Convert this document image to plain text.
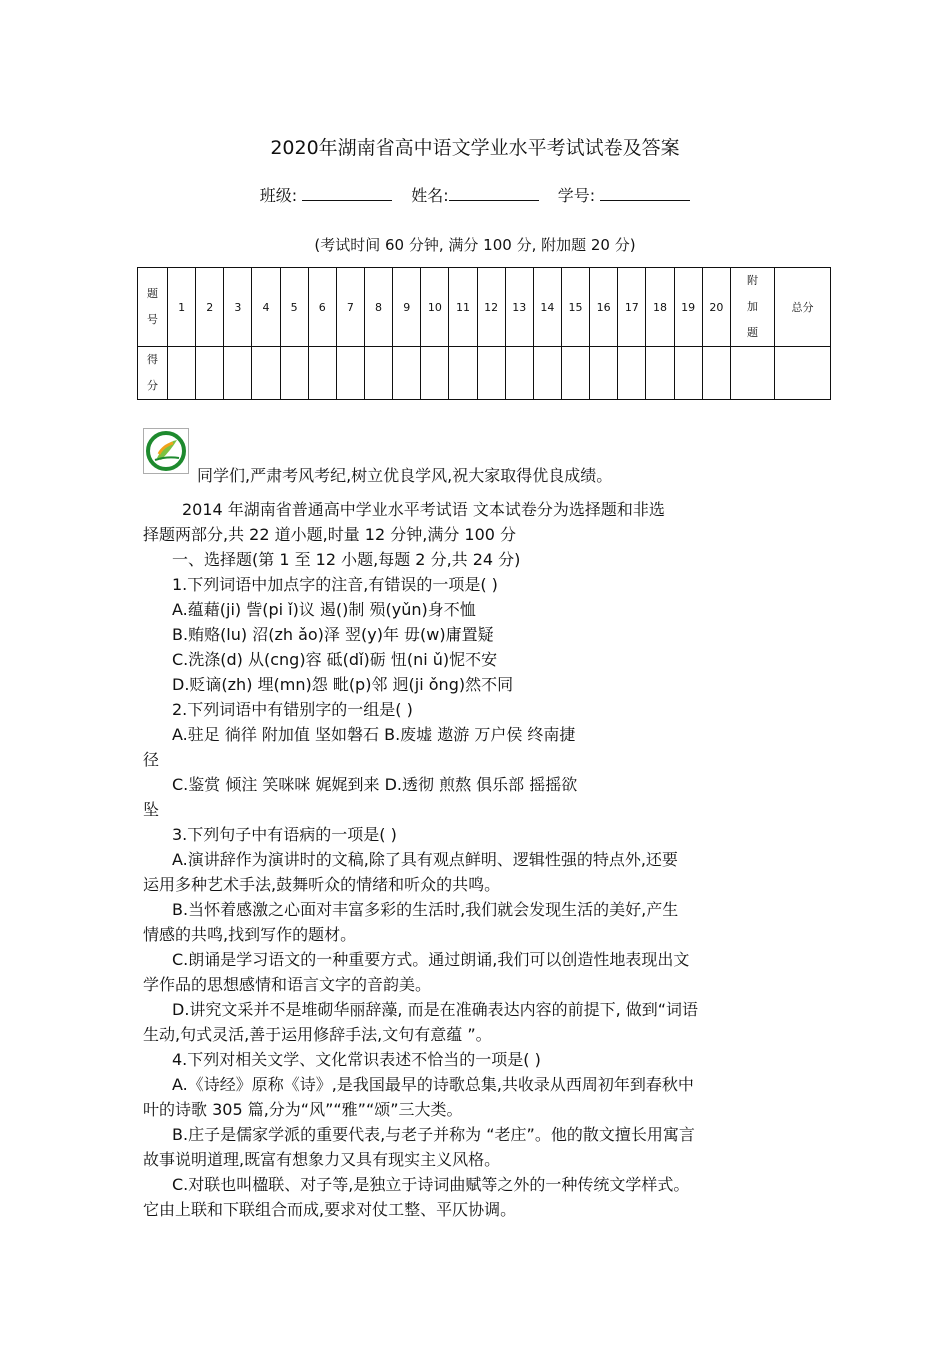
2020年湖南省高中语文学业水平考试试卷及答案
班级:	姓名:	学号:
(考试时间 60 分钟, 满分 100 分, 附加题 20 分)
题号	1	2	3	4	5	6	7	8	9	10	11	12	13	14	15	16	17	18	19	20	附加题	总分
得分																						
同学们,严肃考风考纪,树立优良学风,祝大家取得优良成绩。
2014 年湖南省普通高中学业水平考试语 文本试卷分为选择题和非选
择题两部分,共 22 道小题,时量 12 分钟,满分 100 分
一、选择题(第 1 至 12 小题,每题 2 分,共 24 分)
1.下列词语中加点字的注音,有错误的一项是( )
A.蕴藉(ji) 訾(pi ǐ)议 遏()制 殒(yǔn)身不恤
B.贿赂(lu) 沼(zh ǎo)泽 翌(y)年 毋(w)庸置疑
C.洗涤(d) 从(cng)容 砥(dǐ)砺 忸(ni ǔ)怩不安
D.贬谪(zh) 埋(mn)怨 毗(p)邻 迥(ji ǒng)然不同
2.下列词语中有错别字的一组是( )
A.驻足 徜徉 附加值 坚如磐石 B.废墟 遨游 万户侯 终南捷
径
C.鉴赏 倾注 笑咪咪 娓娓到来 D.透彻 煎熬 俱乐部 摇摇欲
坠
3.下列句子中有语病的一项是( )
A.演讲辞作为演讲时的文稿,除了具有观点鲜明、逻辑性强的特点外,还要
运用多种艺术手法,鼓舞听众的情绪和听众的共鸣。
B.当怀着感激之心面对丰富多彩的生活时,我们就会发现生活的美好,产生
情感的共鸣,找到写作的题材。
C.朗诵是学习语文的一种重要方式。通过朗诵,我们可以创造性地表现出文
学作品的思想感情和语言文字的音韵美。
D.讲究文采并不是堆砌华丽辞藻, 而是在准确表达内容的前提下, 做到“词语
生动,句式灵活,善于运用修辞手法,文句有意蕴 ”。
4.下列对相关文学、文化常识表述不恰当的一项是( )
A.《诗经》原称《诗》,是我国最早的诗歌总集,共收录从西周初年到春秋中
叶的诗歌 305 篇,分为“风”“雅”“颂”三大类。
B.庄子是儒家学派的重要代表,与老子并称为 “老庄”。他的散文擅长用寓言
故事说明道理,既富有想象力又具有现实主义风格。
C.对联也叫楹联、对子等,是独立于诗词曲赋等之外的一种传统文学样式。
它由上联和下联组合而成,要求对仗工整、平仄协调。
